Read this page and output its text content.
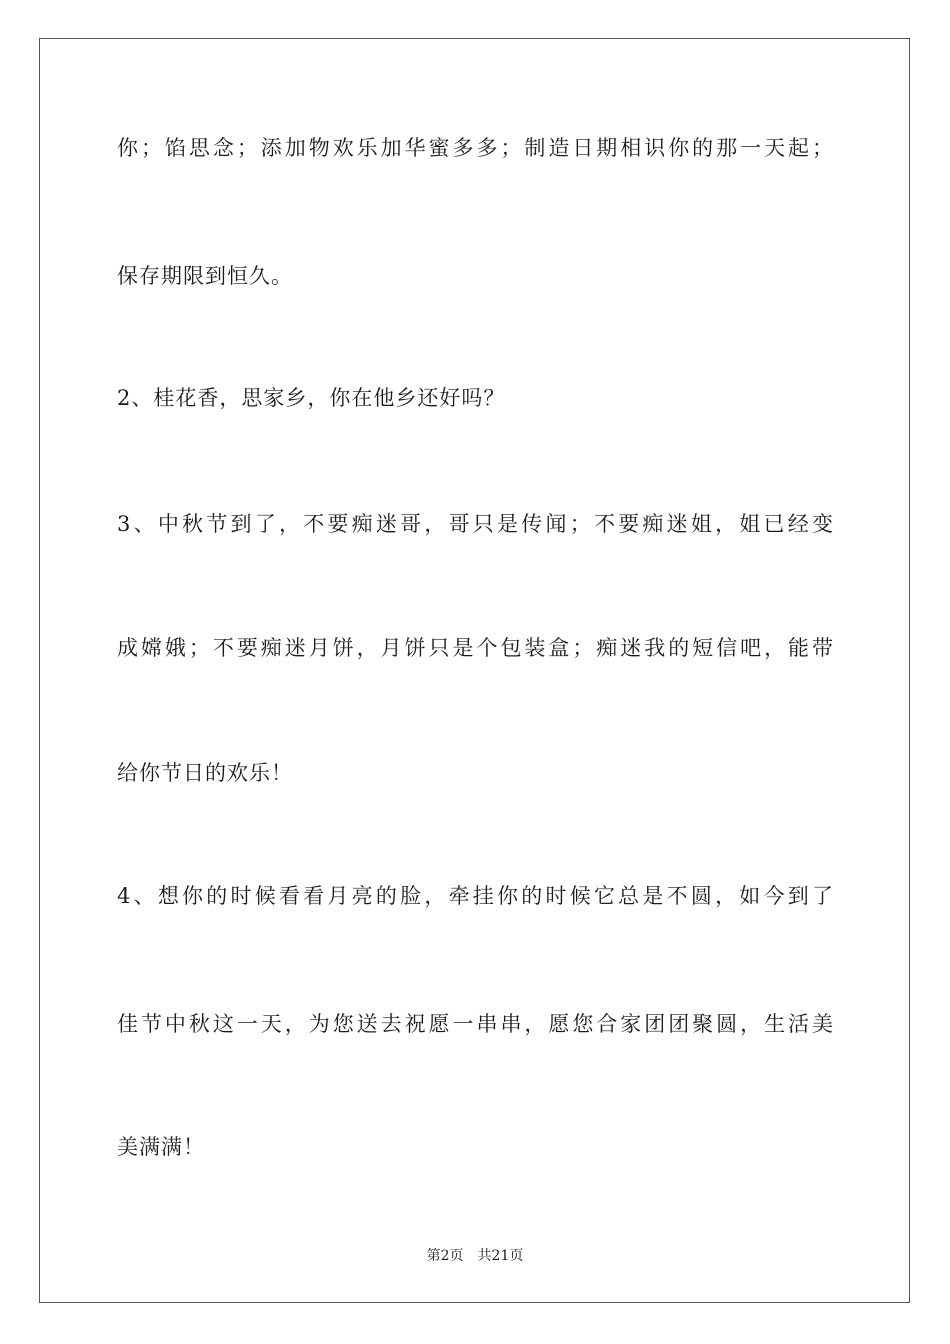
你；馅思念；添加物欢乐加华蜜多多；制造日期相识你的那一天起；
保存期限到恒久。
2、桂花香，思家乡，你在他乡还好吗？
3、中秋节到了，不要痴迷哥，哥只是传闻；不要痴迷姐，姐已经变
成嫦娥；不要痴迷月饼，月饼只是个包装盒；痴迷我的短信吧，能带
给你节日的欢乐！
4、想你的时候看看月亮的脸，牵挂你的时候它总是不圆，如今到了
佳节中秋这一天，为您送去祝愿一串串，愿您合家团团聚圆，生活美
美满满！
第2页　共21页
